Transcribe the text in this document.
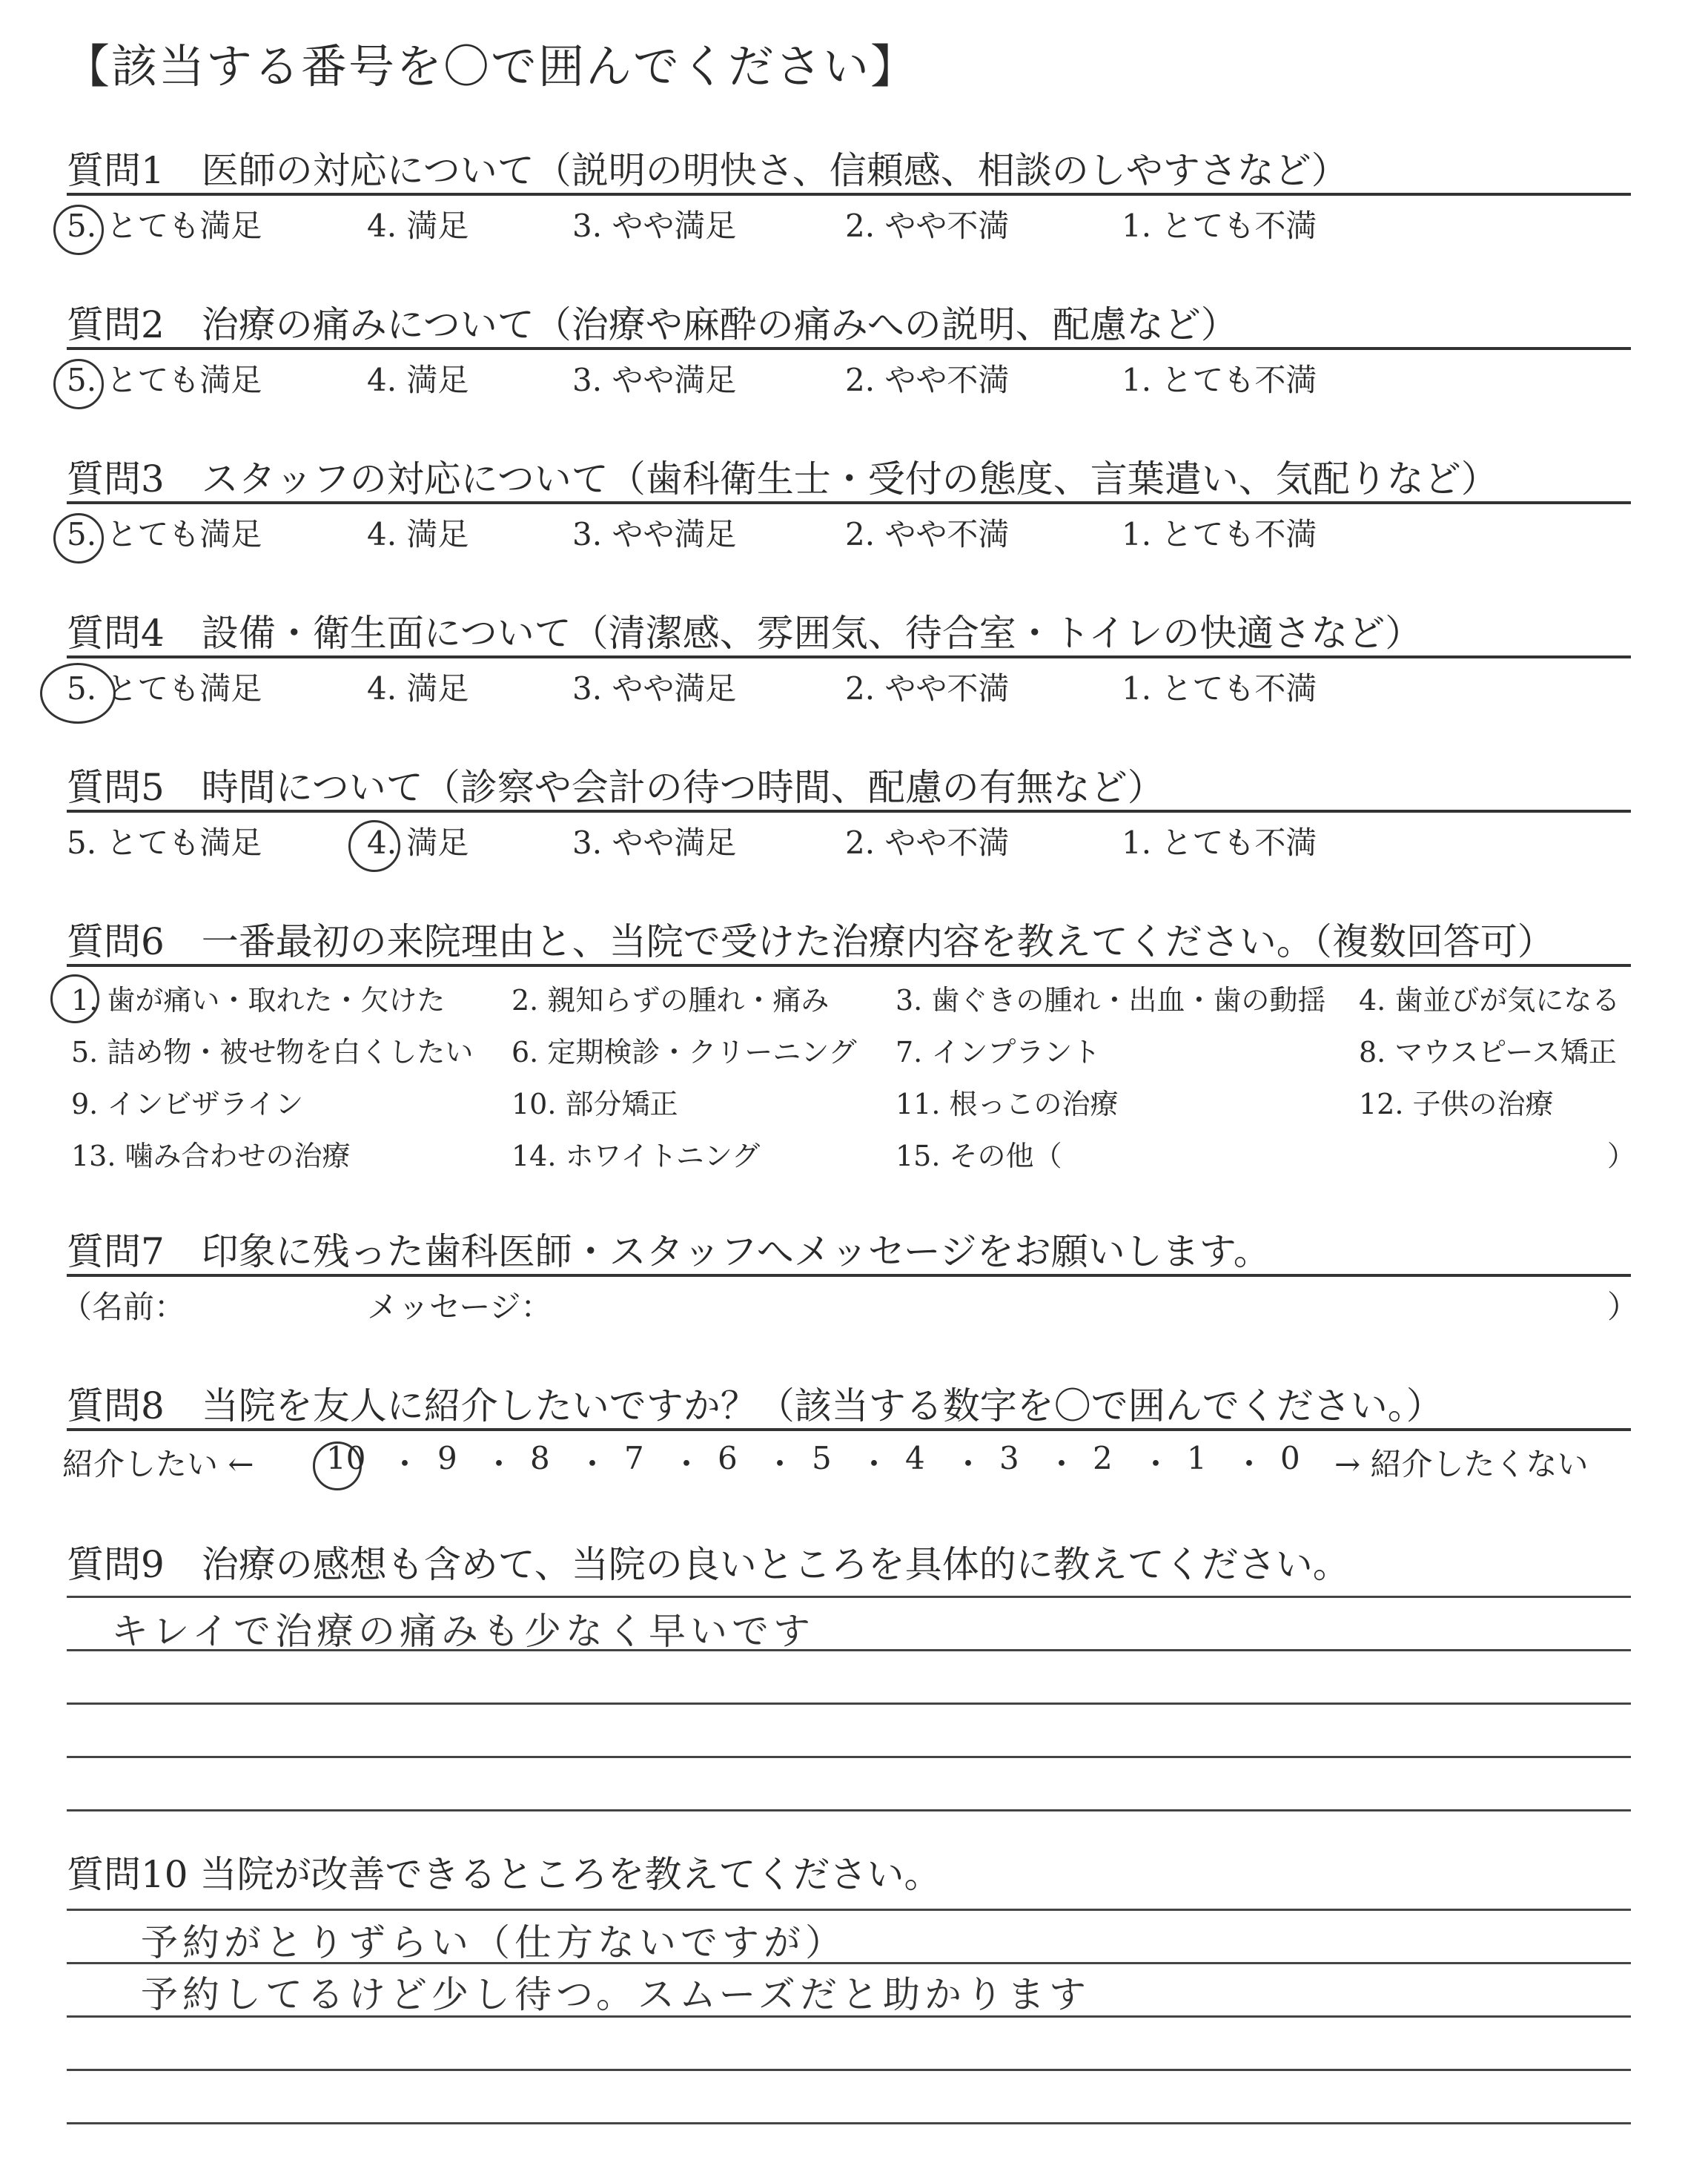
【該当する番号を〇で囲んでください】
質問1　医師の対応について（説明の明快さ、信頼感、相談のしやすさなど）
5. とても満足	4. 満足	3. やや満足	2. やや不満	1. とても不満
質問2　治療の痛みについて（治療や麻酔の痛みへの説明、配慮など）
5. とても満足	4. 満足	3. やや満足	2. やや不満	1. とても不満
質問3　スタッフの対応について（歯科衛生士・受付の態度、言葉遣い、気配りなど）
5. とても満足	4. 満足	3. やや満足	2. やや不満	1. とても不満
質問4　設備・衛生面について（清潔感、雰囲気、待合室・トイレの快適さなど）
5. とても満足	4. 満足	3. やや満足	2. やや不満	1. とても不満
質問5　時間について（診察や会計の待つ時間、配慮の有無など）
5. とても満足	4. 満足	3. やや満足	2. やや不満	1. とても不満
質問6　一番最初の来院理由と、当院で受けた治療内容を教えてください。（複数回答可）
1. 歯が痛い・取れた・欠けた 2. 親知らずの腫れ・痛み 3. 歯ぐきの腫れ・出血・歯の動揺 4. 歯並びが気になる
5. 詰め物・被せ物を白くしたい 6. 定期検診・クリーニング 7. インプラント	8. マウスピース矯正
9. インビザライン	10. 部分矯正	11. 根っこの治療	12. 子供の治療
13. 噛み合わせの治療	14. ホワイトニング	15. その他（	）
質問7　印象に残った歯科医師・スタッフへメッセージをお願いします。
（名前：	メッセージ：	）
質問8　当院を友人に紹介したいですか？（該当する数字を〇で囲んでください。）
紹介したい ← 10 ・ 9 ・ 8 ・ 7 ・ 6 ・ 5 ・ 4 ・ 3 ・ 2 ・ 1 ・ 0 → 紹介したくない
質問9　治療の感想も含めて、当院の良いところを具体的に教えてください。
キレイで治療の痛みも少なく早いです
質問10 当院が改善できるところを教えてください。
予約がとりずらい（仕方ないですが）
予約してるけど少し待つ。スムーズだと助かります
